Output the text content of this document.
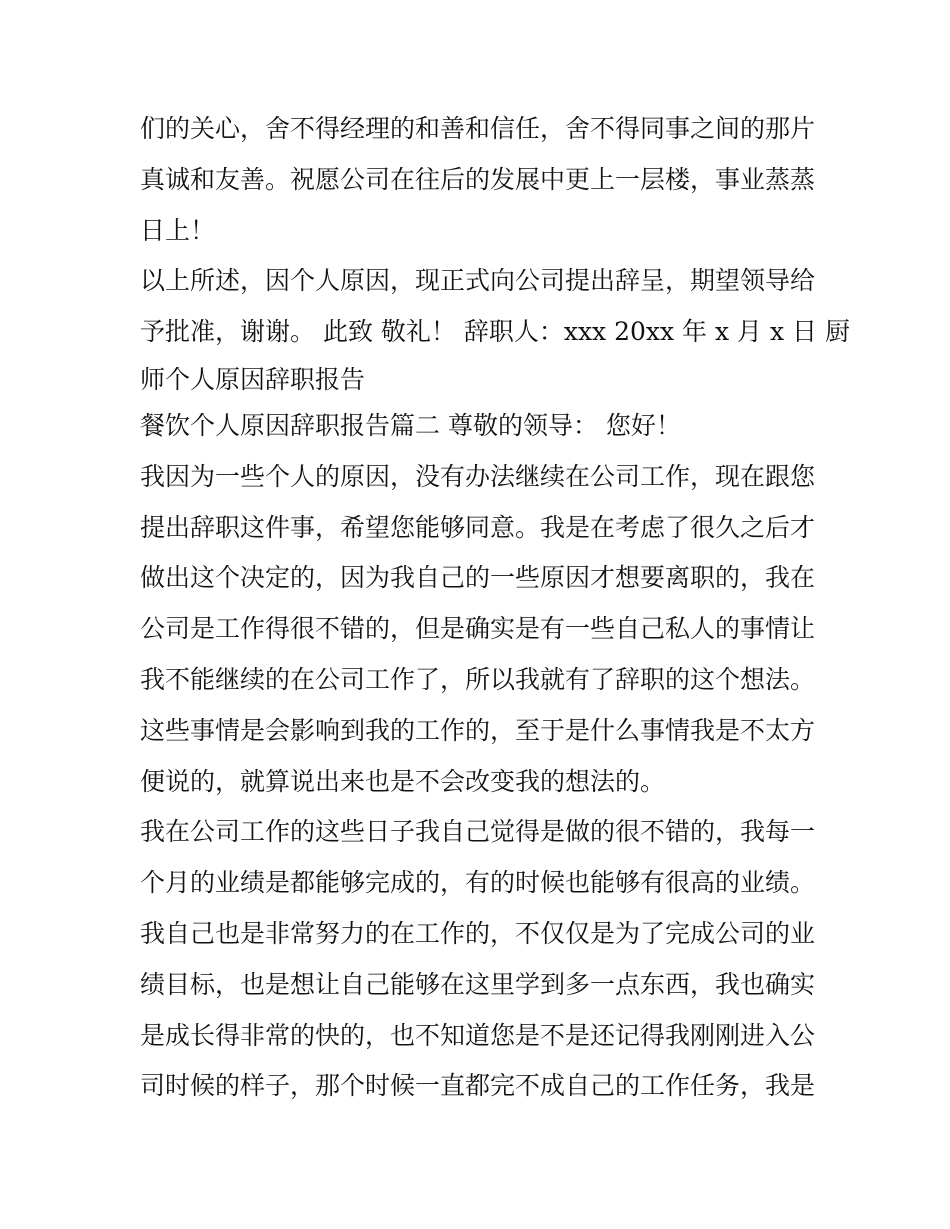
们的关心，舍不得经理的和善和信任，舍不得同事之间的那片
真诚和友善。祝愿公司在往后的发展中更上一层楼，事业蒸蒸
日上！
以上所述，因个人原因，现正式向公司提出辞呈，期望领导给
予批准，谢谢。 此致 敬礼！ 辞职人：xxx 20xx 年 x 月 x 日 厨
师个人原因辞职报告
餐饮个人原因辞职报告篇二 尊敬的领导： 您好！
我因为一些个人的原因，没有办法继续在公司工作，现在跟您
提出辞职这件事，希望您能够同意。我是在考虑了很久之后才
做出这个决定的，因为我自己的一些原因才想要离职的，我在
公司是工作得很不错的，但是确实是有一些自己私人的事情让
我不能继续的在公司工作了，所以我就有了辞职的这个想法。
这些事情是会影响到我的工作的，至于是什么事情我是不太方
便说的，就算说出来也是不会改变我的想法的。
我在公司工作的这些日子我自己觉得是做的很不错的，我每一
个月的业绩是都能够完成的，有的时候也能够有很高的业绩。
我自己也是非常努力的在工作的，不仅仅是为了完成公司的业
绩目标，也是想让自己能够在这里学到多一点东西，我也确实
是成长得非常的快的，也不知道您是不是还记得我刚刚进入公
司时候的样子，那个时候一直都完不成自己的工作任务，我是
